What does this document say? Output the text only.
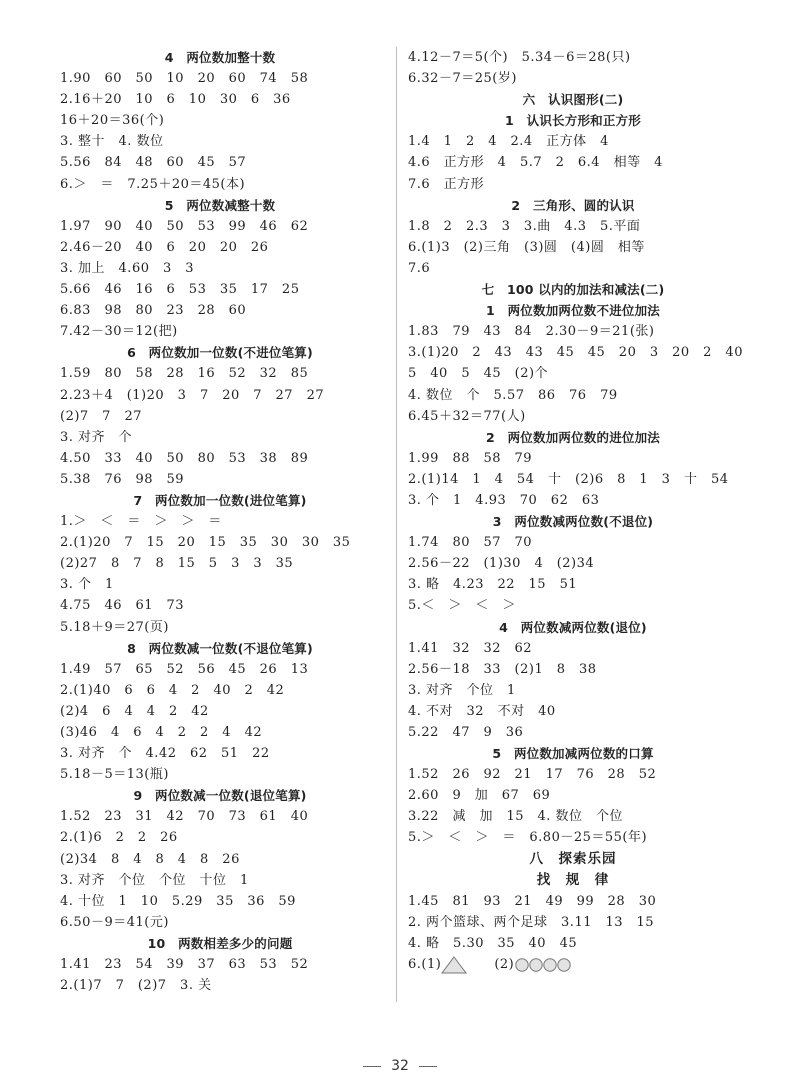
4　两位数加整十数
1.90　60　50　10　20　60　74　58
2.16＋20　10　6　10　30　6　36
16＋20＝36(个)
3. 整十　4. 数位
5.56　84　48　60　45　57
6.＞　＝　7.25＋20＝45(本)
5　两位数减整十数
1.97　90　40　50　53　99　46　62
2.46－20　40　6　20　20　26
3. 加上　4.60　3　3
5.66　46　16　6　53　35　17　25
6.83　98　80　23　28　60
7.42－30＝12(把)
6　两位数加一位数(不进位笔算)
1.59　80　58　28　16　52　32　85
2.23＋4　(1)20　3　7　20　7　27　27
(2)7　7　27
3. 对齐　个
4.50　33　40　50　80　53　38　89
5.38　76　98　59
7　两位数加一位数(进位笔算)
1.＞　＜　＝　＞　＞　＝
2.(1)20　7　15　20　15　35　30　30　35
(2)27　8　7　8　15　5　3　3　35
3. 个　1
4.75　46　61　73
5.18＋9＝27(页)
8　两位数减一位数(不退位笔算)
1.49　57　65　52　56　45　26　13
2.(1)40　6　6　4　2　40　2　42
(2)4　6　4　4　2　42
(3)46　4　6　4　2　2　4　42
3. 对齐　个　4.42　62　51　22
5.18－5＝13(瓶)
9　两位数减一位数(退位笔算)
1.52　23　31　42　70　73　61　40
2.(1)6　2　2　26
(2)34　8　4　8　4　8　26
3. 对齐　个位　个位　十位　1
4. 十位　1　10　5.29　35　36　59
6.50－9＝41(元)
10　两数相差多少的问题
1.41　23　54　39　37　63　53　52
2.(1)7　7　(2)7　3. 关
4.12－7＝5(个)　5.34－6＝28(只)
6.32－7＝25(岁)
六　认识图形(二)
1　认识长方形和正方形
1.4　1　2　4　2.4　正方体　4
4.6　正方形　4　5.7　2　6.4　相等　4
7.6　正方形
2　三角形、圆的认识
1.8　2　2.3　3　3.曲　4.3　5.平面
6.(1)3　(2)三角　(3)圆　(4)圆　相等
7.6
七　100 以内的加法和减法(二)
1　两位数加两位数不进位加法
1.83　79　43　84　2.30－9＝21(张)
3.(1)20　2　43　43　45　45　20　3　20　2　40
5　40　5　45　(2)个
4. 数位　个　5.57　86　76　79
6.45＋32＝77(人)
2　两位数加两位数的进位加法
1.99　88　58　79
2.(1)14　1　4　54　十　(2)6　8　1　3　十　54
3. 个　1　4.93　70　62　63
3　两位数减两位数(不退位)
1.74　80　57　70
2.56－22　(1)30　4　(2)34
3. 略　4.23　22　15　51
5.＜　＞　＜　＞
4　两位数减两位数(退位)
1.41　32　32　62
2.56－18　33　(2)1　8　38
3. 对齐　个位　1
4. 不对　32　不对　40
5.22　47　9　36
5　两位数加减两位数的口算
1.52　26　92　21　17　76　28　52
2.60　9　加　67　69
3.22　减　加　15　4. 数位　个位
5.＞　＜　＞　＝　6.80－25＝55(年)
八　探索乐园
找　规　律
1.45　81　93　21　49　99　28　30
2. 两个篮球、两个足球　3.11　13　15
4. 略　5.30　35　40　45
6.(1)　　	(2)
32
